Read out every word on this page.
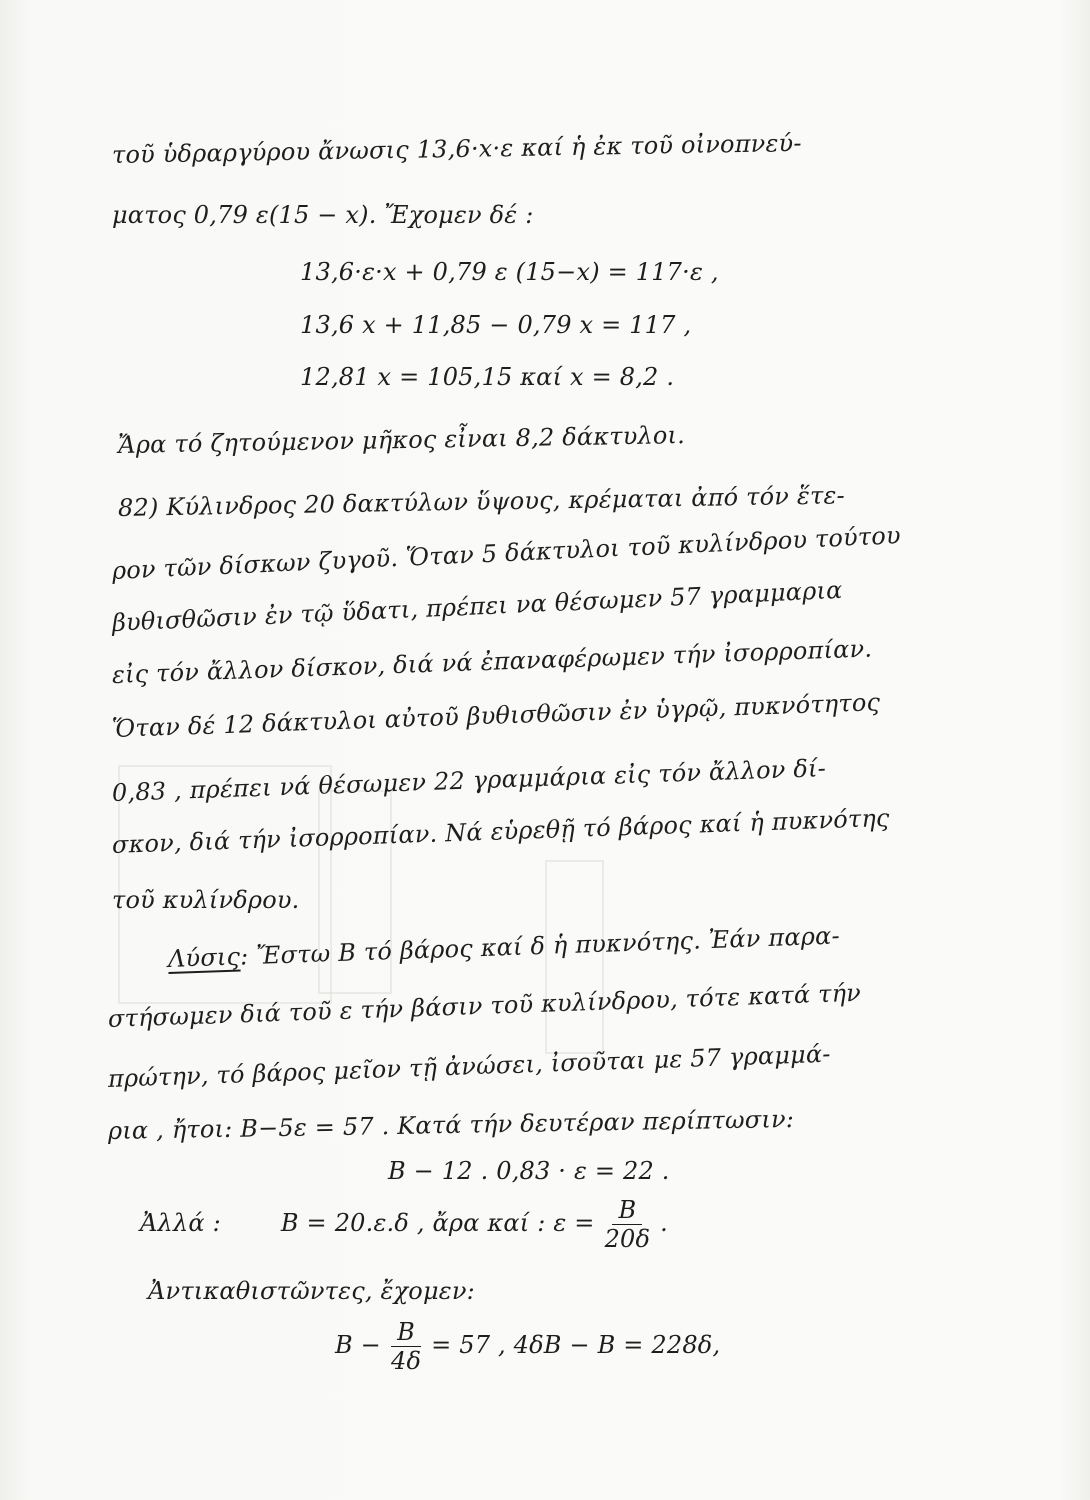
τοῦ ὑδραργύρου ἄνωσις 13,6·x·ε καί ἡ ἐκ τοῦ οἰνοπνεύ-
ματος 0,79 ε(15 − x). Ἔχομεν δέ :
13,6·ε·x + 0,79 ε (15−x) = 117·ε ,
13,6 x + 11,85 − 0,79 x = 117 ,
12,81 x = 105,15 καί x = 8,2 .
Ἄρα τό ζητούμενον μῆκος εἶναι 8,2 δάκτυλοι.
82) Κύλινδρος 20 δακτύλων ὕψους, κρέμαται ἀπό τόν ἕτε-
ρον τῶν δίσκων ζυγοῦ. Ὅταν 5 δάκτυλοι τοῦ κυλίνδρου τούτου
βυθισθῶσιν ἐν τῷ ὕδατι, πρέπει να θέσωμεν 57 γραμμαρια
εἰς τόν ἄλλον δίσκον, διά νά ἐπαναφέρωμεν τήν ἰσορροπίαν.
Ὅταν δέ 12 δάκτυλοι αὐτοῦ βυθισθῶσιν ἐν ὑγρῷ, πυκνότητος
0,83 , πρέπει νά θέσωμεν 22 γραμμάρια εἰς τόν ἄλλον δί-
σκον, διά τήν ἰσορροπίαν. Νά εὑρεθῇ τό βάρος καί ἡ πυκνότης
τοῦ κυλίνδρου.
Λύσις: Ἔστω B τό βάρος καί δ ἡ πυκνότης. Ἐάν παρα-
στήσωμεν διά τοῦ ε τήν βάσιν τοῦ κυλίνδρου, τότε κατά τήν
πρώτην, τό βάρος μεῖον τῇ ἀνώσει, ἰσοῦται με 57 γραμμά-
ρια , ἤτοι: B−5ε = 57 . Κατά τήν δευτέραν περίπτωσιν:
B − 12 . 0,83 · ε = 22 .
Ἀλλά :	B = 20.ε.δ , ἄρα καί : $\varepsilon = \frac{B}{20\delta}$ .
Ἀντικαθιστῶντες, ἔχομεν:
$B - \frac{B}{4\delta} = 57$ , 4δB − B = 228δ,
